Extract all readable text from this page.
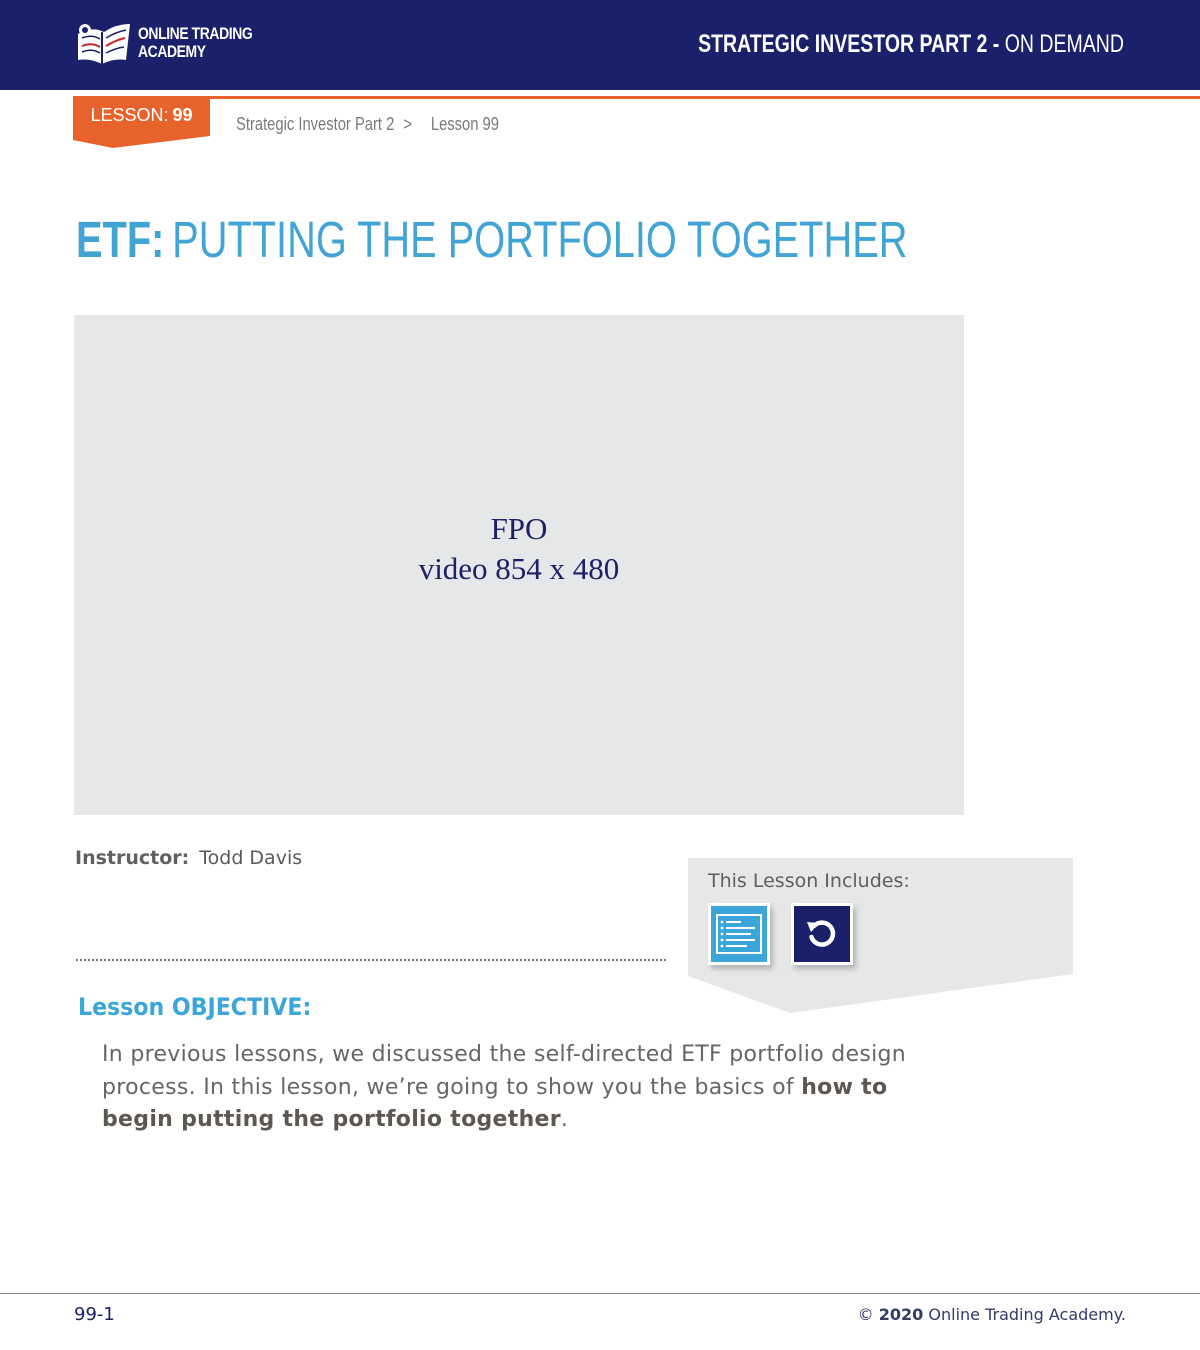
ONLINE TRADING
ACADEMY	STRATEGIC INVESTOR PART 2 - ON DEMAND
LESSON: 99	Strategic Investor Part 2 > Lesson 99
ETF: PUTTING THE PORTFOLIO TOGETHER
FPO
video 854 x 480
Instructor: Todd Davis
This Lesson Includes:
Lesson OBJECTIVE:
In previous lessons, we discussed the self-directed ETF portfolio design process. In this lesson, we’re going to show you the basics of how to begin putting the portfolio together.
99-1	© 2020 Online Trading Academy.
